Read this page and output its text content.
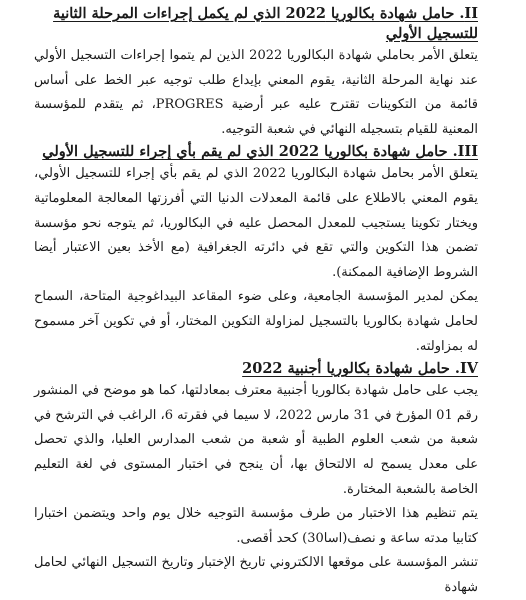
II. حامل شهادة بكالوريا 2022 الذي لم يكمل إجراءات المرحلة الثانية للتسجيل الأولي

يتعلق الأمر بحاملي شهادة البكالوريا 2022 الذين لم يتموا إجراءات التسجيل الأولي عند نهاية المرحلة الثانية، يقوم المعني بإيداع طلب توجيه عبر الخط على أساس قائمة من التكوينات تقترح عليه عبر أرضية PROGRES، ثم يتقدم للمؤسسة المعنية للقيام بتسجيله النهائي في شعبة التوجيه.

III. حامل شهادة بكالوريا 2022 الذي لم يقم بأي إجراء للتسجيل الأولي

يتعلق الأمر بحامل شهادة البكالوريا 2022 الذي لم يقم بأي إجراء للتسجيل الأولي، يقوم المعني بالاطلاع على قائمة المعدلات الدنيا التي أفرزتها المعالجة المعلوماتية ويختار تكوينا يستجيب للمعدل المحصل عليه في البكالوريا، ثم يتوجه نحو مؤسسة تضمن هذا التكوين والتي تقع في دائرته الجغرافية (مع الأخذ بعين الاعتبار أيضا الشروط الإضافية الممكنة).

يمكن لمدير المؤسسة الجامعية، وعلى ضوء المقاعد البيداغوجية المتاحة، السماح لحامل شهادة بكالوريا بالتسجيل لمزاولة التكوين المختار، أو في تكوين آخر مسموح له بمزاولته.

IV. حامل شهادة بكالوريا أجنبية 2022

يجب على حامل شهادة بكالوريا أجنبية معترف بمعادلتها، كما هو موضح في المنشور رقم 01 المؤرخ في 31 مارس 2022، لا سيما في فقرته 6، الراغب في الترشح في شعبة من شعب العلوم الطبية أو شعبة من شعب المدارس العليا، والذي تحصل على معدل يسمح له الالتحاق بها، أن ينجح في اختبار المستوى في لغة التعليم الخاصة بالشعبة المختارة.

يتم تنظيم هذا الاختبار من طرف مؤسسة التوجيه خلال يوم واحد ويتضمن اختبارا كتابيا مدته ساعة و نصف(اسا30) كحد أقصى.

تنشر المؤسسة على موقعها الالكتروني تاريخ الإختبار وتاريخ التسجيل النهائي لحامل شهادة
